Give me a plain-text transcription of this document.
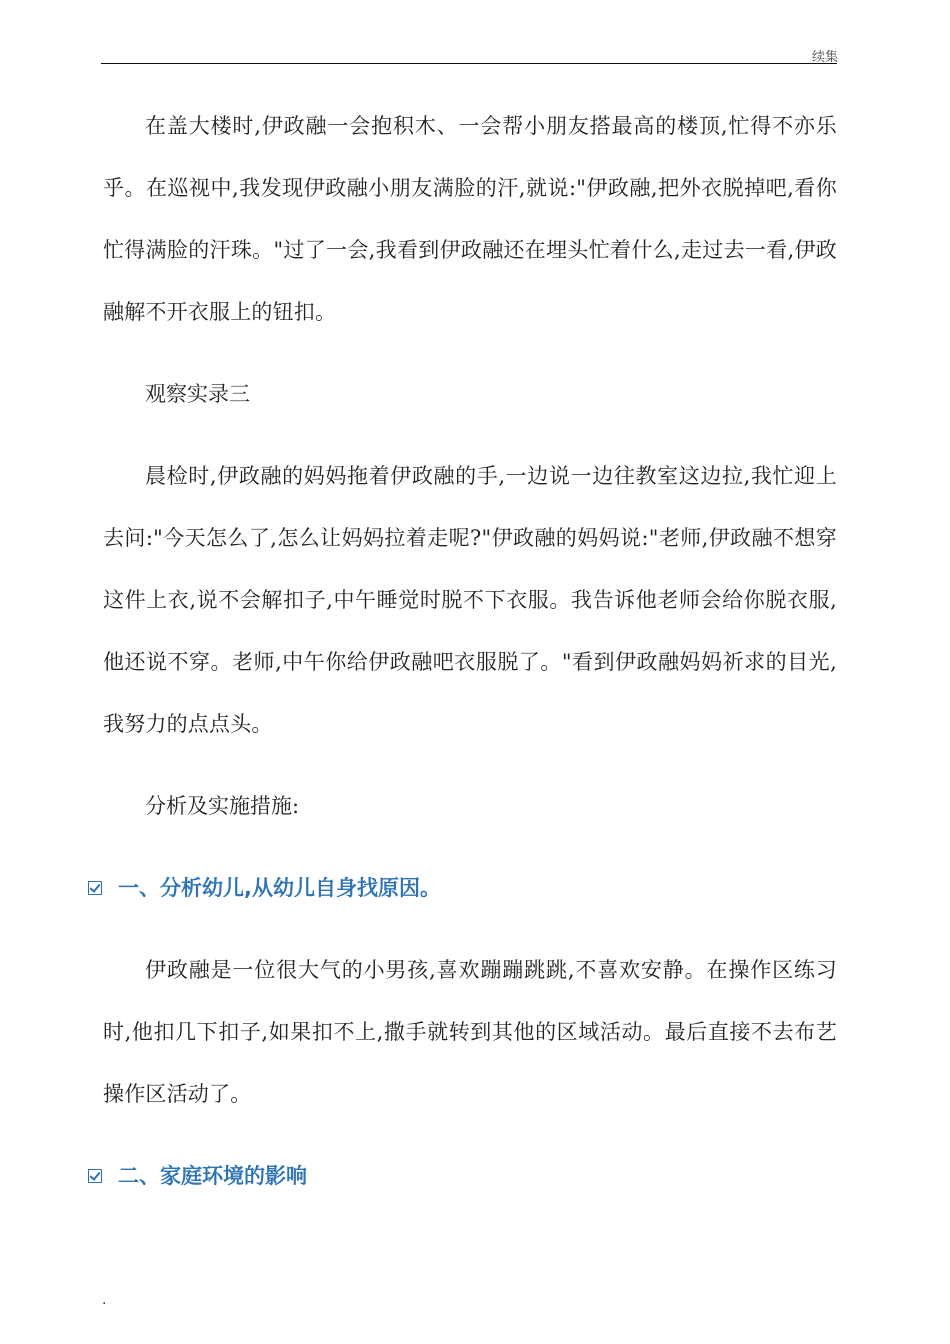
续集

在盖大楼时,伊政融一会抱积木、一会帮小朋友搭最高的楼顶,忙得不亦乐乎。在巡视中,我发现伊政融小朋友满脸的汗,就说:"伊政融,把外衣脱掉吧,看你忙得满脸的汗珠。"过了一会,我看到伊政融还在埋头忙着什么,走过去一看,伊政融解不开衣服上的钮扣。

观察实录三

晨检时,伊政融的妈妈拖着伊政融的手,一边说一边往教室这边拉,我忙迎上去问:"今天怎么了,怎么让妈妈拉着走呢?"伊政融的妈妈说:"老师,伊政融不想穿这件上衣,说不会解扣子,中午睡觉时脱不下衣服。我告诉他老师会给你脱衣服,他还说不穿。老师,中午你给伊政融吧衣服脱了。"看到伊政融妈妈祈求的目光,我努力的点点头。

分析及实施措施:

一、分析幼儿,从幼儿自身找原因。

伊政融是一位很大气的小男孩,喜欢蹦蹦跳跳,不喜欢安静。在操作区练习时,他扣几下扣子,如果扣不上,撒手就转到其他的区域活动。最后直接不去布艺操作区活动了。

二、家庭环境的影响
.
